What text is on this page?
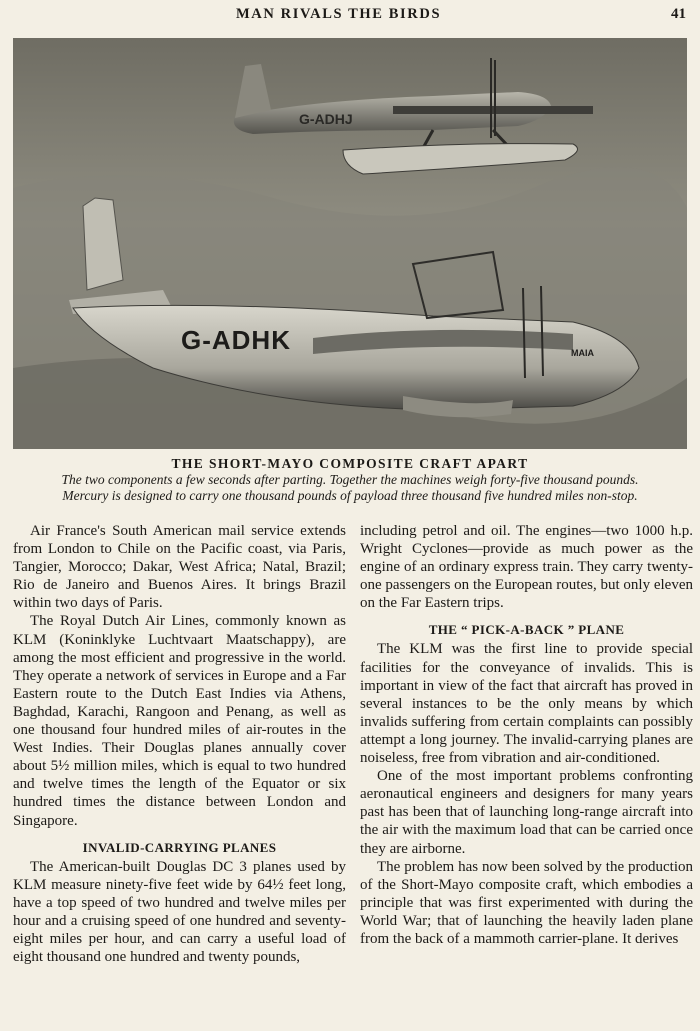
MAN RIVALS THE BIRDS	41
G-ADHJ
G-ADHK	MAIA
THE SHORT-MAYO COMPOSITE CRAFT APART
The two components a few seconds after parting. Together the machines weigh forty-five thousand pounds.
Mercury is designed to carry one thousand pounds of payload three thousand five hundred miles non-stop.

Air France's South American mail service extends from London to Chile on the Pacific coast, via Paris, Tangier, Morocco; Dakar, West Africa; Natal, Brazil; Rio de Janeiro and Buenos Aires. It brings Brazil within two days of Paris.

The Royal Dutch Air Lines, commonly known as KLM (Koninklyke Luchtvaart Maatschappy), are among the most efficient and progressive in the world. They operate a network of services in Europe and a Far Eastern route to the Dutch East Indies via Athens, Baghdad, Karachi, Rangoon and Penang, as well as one thousand four hundred miles of air-routes in the West Indies. Their Douglas planes annually cover about 5½ million miles, which is equal to two hundred and twelve times the length of the Equator or six hundred times the distance between London and Singapore.

INVALID-CARRYING PLANES

The American-built Douglas DC 3 planes used by KLM measure ninety-five feet wide by 64½ feet long, have a top speed of two hundred and twelve miles per hour and a cruising speed of one hundred and seventy-eight miles per hour, and can carry a useful load of eight thousand one hundred and twenty pounds,

including petrol and oil. The engines—two 1000 h.p. Wright Cyclones—provide as much power as the engine of an ordinary express train. They carry twenty-one passengers on the European routes, but only eleven on the Far Eastern trips.

THE “ PICK-A-BACK ” PLANE

The KLM was the first line to provide special facilities for the conveyance of invalids. This is important in view of the fact that aircraft has proved in several instances to be the only means by which invalids suffering from certain complaints can possibly attempt a long journey. The invalid-carrying planes are noiseless, free from vibration and air-conditioned.

One of the most important problems confronting aeronautical engineers and designers for many years past has been that of launching long-range aircraft into the air with the maximum load that can be carried once they are airborne.

The problem has now been solved by the production of the Short-Mayo composite craft, which embodies a principle that was first experimented with during the World War; that of launching the heavily laden plane from the back of a mammoth carrier-plane. It derives
